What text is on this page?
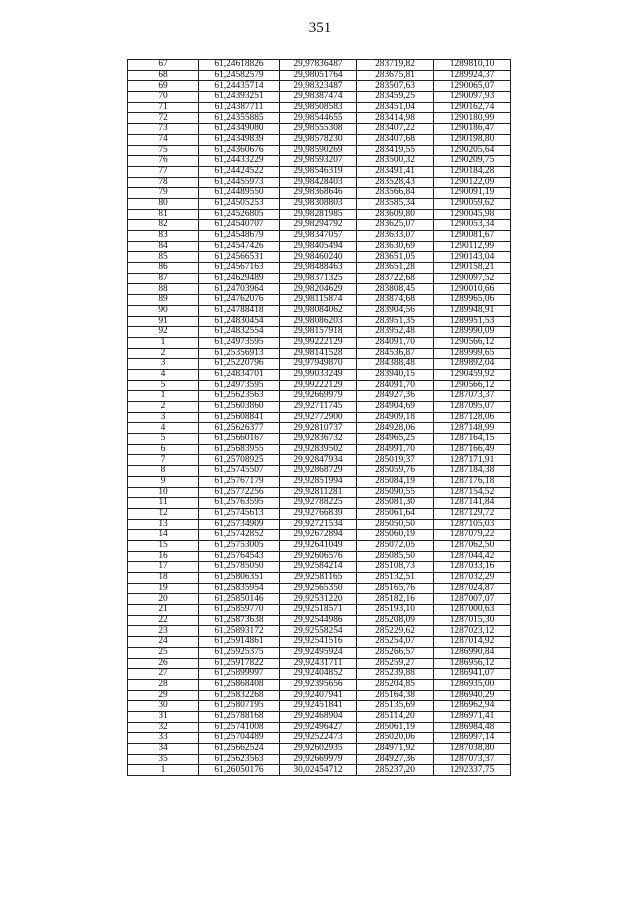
351
67	61,24618826	29,97836487	283719,82	1289810,10
68	61,24582579	29,98051764	283675,81	1289924,37
69	61,24435714	29,98323487	283507,63	1290065,07
70	61,24393251	29,98387474	283459,25	1290097,93
71	61,24387711	29,98508583	283451,04	1290162,74
72	61,24355885	29,98544655	283414,98	1290180,99
73	61,24349080	29,98555308	283407,22	1290186,47
74	61,24349839	29,98578230	283407,68	1290198,80
75	61,24360676	29,98590269	283419,55	1290205,64
76	61,24433229	29,98593207	283500,32	1290209,75
77	61,24424522	29,98546319	283491,41	1290184,28
78	61,24455973	29,98428403	283528,43	1290122,09
79	61,24489550	29,98368646	283566,84	1290091,19
80	61,24505253	29,98308803	283585,34	1290059,62
81	61,24526805	29,98281985	283609,80	1290045,98
82	61,24540707	29,98294792	283625,07	1290053,34
83	61,24548679	29,98347057	283633,07	1290081,67
84	61,24547426	29,98405494	283630,69	1290112,99
85	61,24566531	29,98460240	283651,05	1290143,04
86	61,24567163	29,98488463	283651,28	1290158,21
87	61,24629489	29,98371325	283722,68	1290097,52
88	61,24703964	29,98204629	283808,45	1290010,66
89	61,24762076	29,98115874	283874,68	1289965,06
90	61,24788418	29,98084062	283904,56	1289948,91
91	61,24830454	29,98086203	283951,35	1289951,53
92	61,24832554	29,98157918	283952,48	1289990,09
1	61,24973595	29,99222129	284091,70	1290566,12
2	61,25356913	29,98141528	284536,87	1289999,65
3	61,25220796	29,97949870	284388,48	1289892,04
4	61,24834701	29,99033249	283940,15	1290459,92
5	61,24973595	29,99222129	284091,70	1290566,12
1	61,25623563	29,92669979	284927,36	1287073,37
2	61,25603860	29,92711745	284904,69	1287095,07
3	61,25608841	29,92772900	284909,18	1287128,06
4	61,25626377	29,92810737	284928,06	1287148,99
5	61,25660167	29,92836732	284965,25	1287164,15
6	61,25683955	29,92839502	284991,70	1287166,49
7	61,25708925	29,92847934	285019,37	1287171,91
8	61,25745507	29,92868729	285059,76	1287184,38
9	61,25767179	29,92851994	285084,19	1287176,18
10	61,25772256	29,92811281	285090,55	1287154,52
11	61,25763595	29,92788225	285081,30	1287141,84
12	61,25745613	29,92766839	285061,64	1287129,72
13	61,25734909	29,92721534	285050,50	1287105,03
14	61,25742852	29,92672894	285060,19	1287079,22
15	61,25753005	29,92641049	285072,05	1287062,50
16	61,25764543	29,92606576	285085,50	1287044,42
17	61,25785050	29,92584214	285108,73	1287033,16
18	61,25806351	29,92581165	285132,51	1287032,29
19	61,25835954	29,92565350	285165,76	1287024,87
20	61,25850146	29,92531220	285182,16	1287007,07
21	61,25859770	29,92518571	285193,10	1287000,63
22	61,25873638	29,92544986	285208,09	1287015,30
23	61,25893172	29,92558254	285229,62	1287023,12
24	61,25914861	29,92541516	285254,07	1287014,92
25	61,25925375	29,92495924	285266,57	1286990,84
26	61,25917822	29,92431711	285259,27	1286956,12
27	61,25899997	29,92404852	285239,88	1286941,07
28	61,25868408	29,92395656	285204,85	1286935,00
29	61,25832268	29,92407941	285164,38	1286940,29
30	61,25807195	29,92451841	285135,69	1286962,94
31	61,25788168	29,92468904	285114,20	1286971,41
32	61,25741008	29,92496427	285061,19	1286984,48
33	61,25704489	29,92522473	285020,06	1286997,14
34	61,25662524	29,92602935	284971,92	1287038,80
35	61,25623563	29,92669979	284927,36	1287073,37
1	61,26050176	30,02454712	285237,20	1292337,75
